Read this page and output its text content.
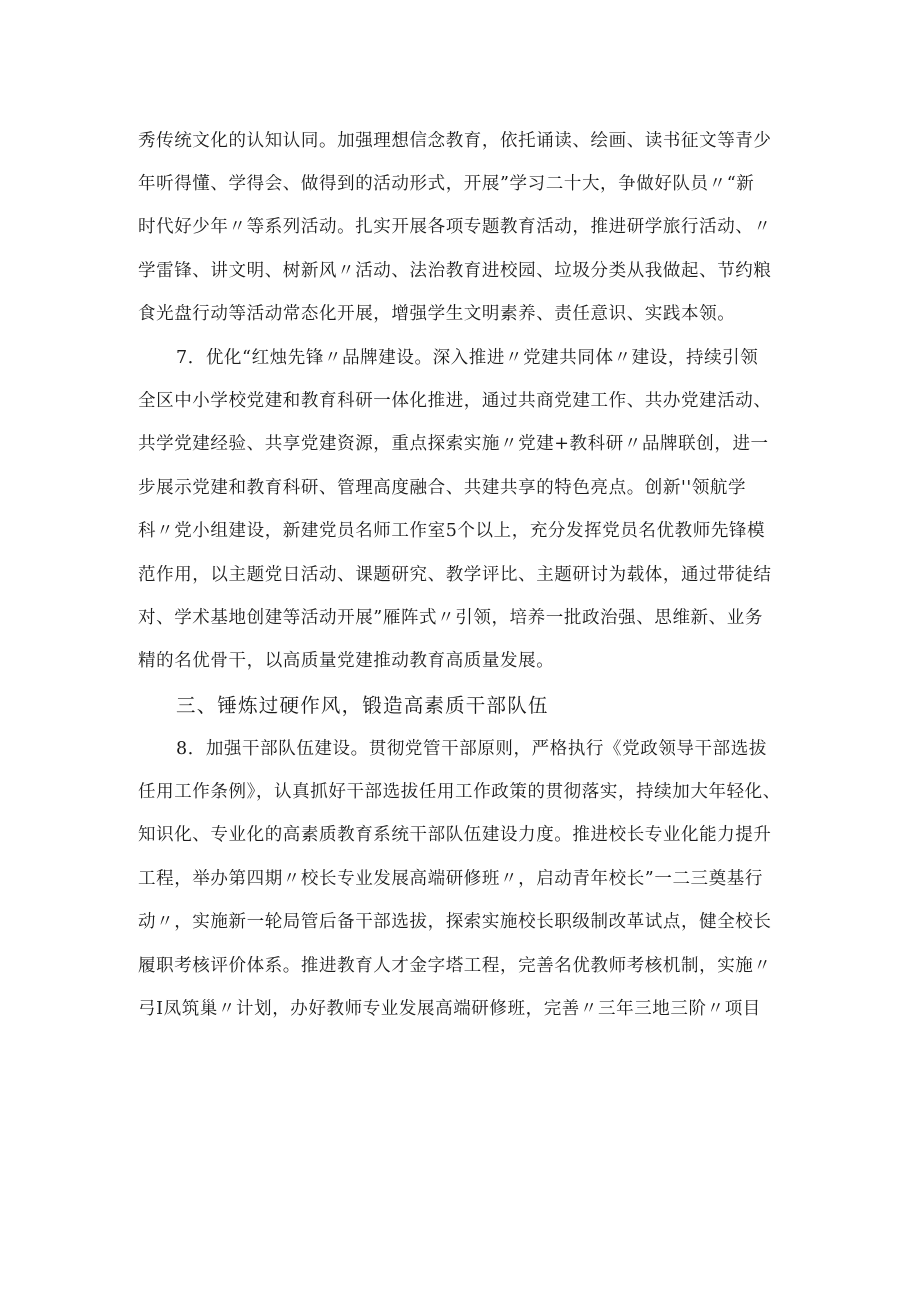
秀传统文化的认知认同。加强理想信念教育，依托诵读、绘画、读书征文等青少
年听得懂、学得会、做得到的活动形式，开展”学习二十大，争做好队员〃“新
时代好少年〃等系列活动。扎实开展各项专题教育活动，推进研学旅行活动、〃
学雷锋、讲文明、树新风〃活动、法治教育进校园、垃圾分类从我做起、节约粮
食光盘行动等活动常态化开展，增强学生文明素养、责任意识、实践本领。
7．优化“红烛先锋〃品牌建设。深入推进〃党建共同体〃建设，持续引领
全区中小学校党建和教育科研一体化推进，通过共商党建工作、共办党建活动、
共学党建经验、共享党建资源，重点探索实施〃党建+教科研〃品牌联创，进一
步展示党建和教育科研、管理高度融合、共建共享的特色亮点。创新''领航学
科〃党小组建设，新建党员名师工作室5个以上，充分发挥党员名优教师先锋模
范作用，以主题党日活动、课题研究、教学评比、主题研讨为载体，通过带徒结
对、学术基地创建等活动开展”雁阵式〃引领，培养一批政治强、思维新、业务
精的名优骨干，以高质量党建推动教育高质量发展。
三、锤炼过硬作风，锻造高素质干部队伍
8．加强干部队伍建设。贯彻党管干部原则，严格执行《党政领导干部选拔
任用工作条例》，认真抓好干部选拔任用工作政策的贯彻落实，持续加大年轻化、
知识化、专业化的高素质教育系统干部队伍建设力度。推进校长专业化能力提升
工程，举办第四期〃校长专业发展高端研修班〃，启动青年校长”一二三奠基行
动〃，实施新一轮局管后备干部选拔，探索实施校长职级制改革试点，健全校长
履职考核评价体系。推进教育人才金字塔工程，完善名优教师考核机制，实施〃
弓I凤筑巢〃计划，办好教师专业发展高端研修班，完善〃三年三地三阶〃项目
